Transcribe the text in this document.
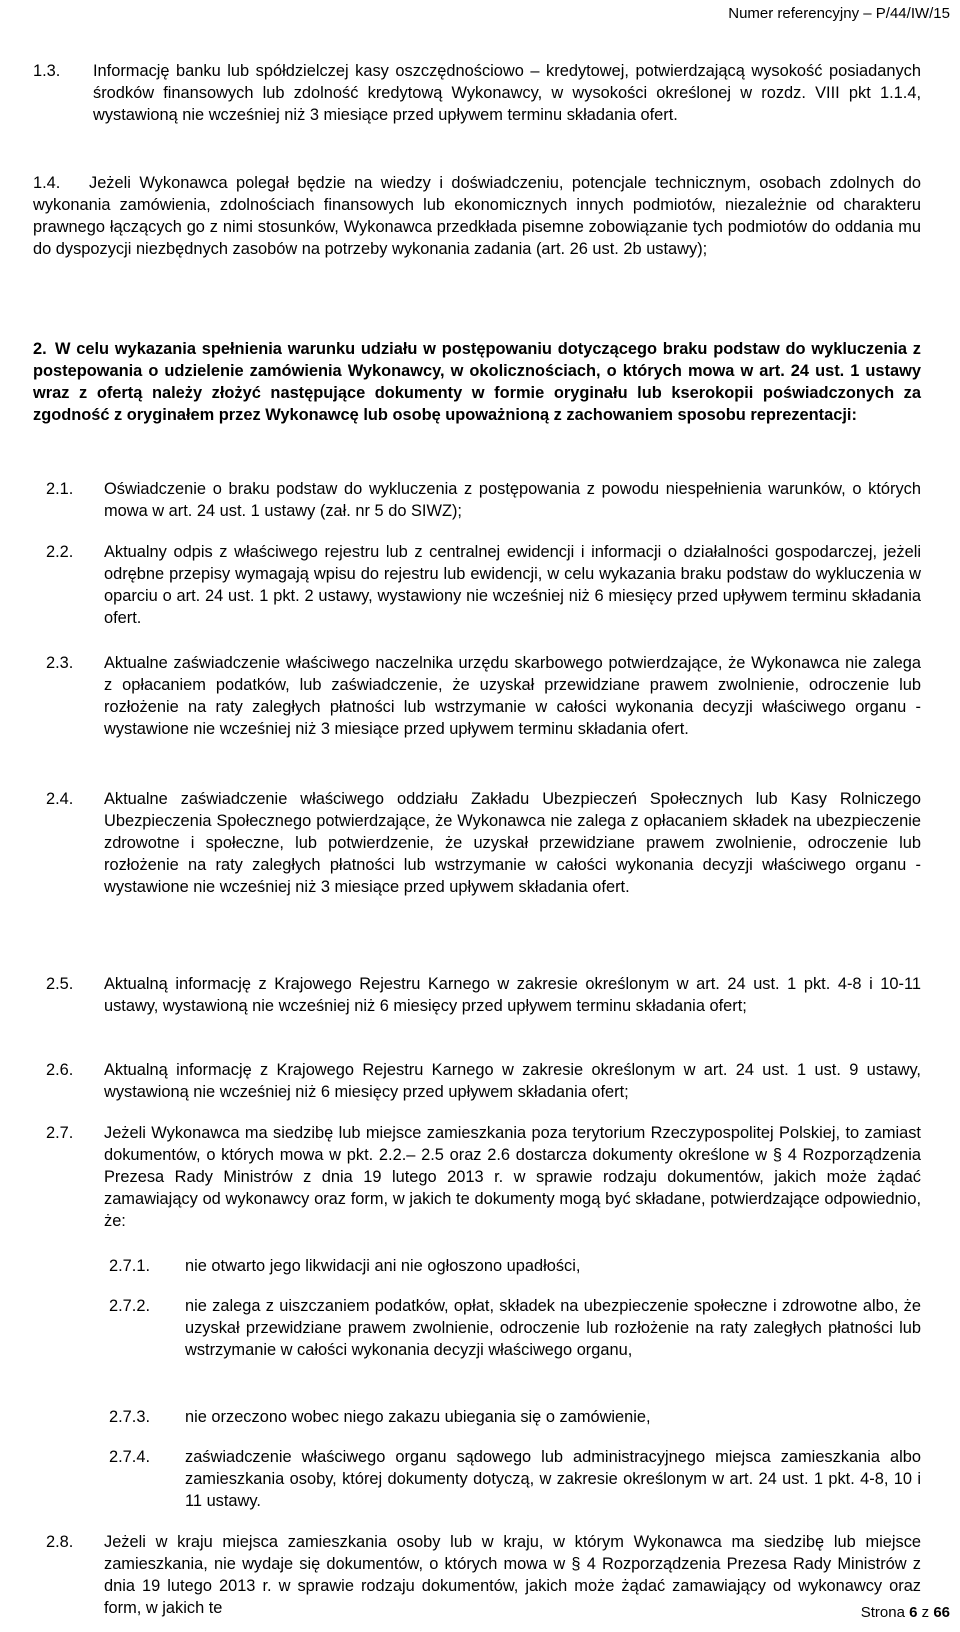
Numer referencyjny – P/44/IW/15
1.3. Informację banku lub spółdzielczej kasy oszczędnościowo – kredytowej, potwierdzającą wysokość posiadanych środków finansowych lub zdolność kredytową Wykonawcy, w wysokości określonej w rozdz. VIII pkt 1.1.4, wystawioną nie wcześniej niż 3 miesiące przed upływem terminu składania ofert.

1.4.	Jeżeli Wykonawca polegał będzie na wiedzy i doświadczeniu, potencjale technicznym, osobach zdolnych do wykonania zamówienia, zdolnościach finansowych lub ekonomicznych innych podmiotów, niezależnie od charakteru prawnego łączących go z nimi stosunków, Wykonawca przedkłada pisemne zobowiązanie tych podmiotów do oddania mu do dyspozycji niezbędnych zasobów na potrzeby wykonania zadania (art. 26 ust. 2b ustawy);

2. W celu wykazania spełnienia warunku udziału w postępowaniu dotyczącego braku podstaw do wykluczenia z postepowania o udzielenie zamówienia Wykonawcy, w okolicznościach, o których mowa w art. 24 ust. 1 ustawy wraz z ofertą należy złożyć następujące dokumenty w formie oryginału lub kserokopii poświadczonych za zgodność z oryginałem przez Wykonawcę lub osobę upoważnioną z zachowaniem sposobu reprezentacji:

2.1. Oświadczenie o braku podstaw do wykluczenia z postępowania z powodu niespełnienia warunków, o których mowa w art. 24 ust. 1 ustawy (zał. nr 5 do SIWZ);

2.2. Aktualny odpis z właściwego rejestru lub z centralnej ewidencji i informacji o działalności gospodarczej, jeżeli odrębne przepisy wymagają wpisu do rejestru lub ewidencji, w celu wykazania braku podstaw do wykluczenia w oparciu o art. 24 ust. 1 pkt. 2 ustawy, wystawiony nie wcześniej niż 6 miesięcy przed upływem terminu składania ofert.

2.3. Aktualne zaświadczenie właściwego naczelnika urzędu skarbowego potwierdzające, że Wykonawca nie zalega z opłacaniem podatków, lub zaświadczenie, że uzyskał przewidziane prawem zwolnienie, odroczenie lub rozłożenie na raty zaległych płatności lub wstrzymanie w całości wykonania decyzji właściwego organu - wystawione nie wcześniej niż 3 miesiące przed upływem terminu składania ofert.

2.4. Aktualne zaświadczenie właściwego oddziału Zakładu Ubezpieczeń Społecznych lub Kasy Rolniczego Ubezpieczenia Społecznego potwierdzające, że Wykonawca nie zalega z opłacaniem składek na ubezpieczenie zdrowotne i społeczne, lub potwierdzenie, że uzyskał przewidziane prawem zwolnienie, odroczenie lub rozłożenie na raty zaległych płatności lub wstrzymanie w całości wykonania decyzji właściwego organu - wystawione nie wcześniej niż 3 miesiące przed upływem składania ofert.

2.5. Aktualną informację z Krajowego Rejestru Karnego w zakresie określonym w art. 24 ust. 1 pkt. 4-8 i 10-11 ustawy, wystawioną nie wcześniej niż 6 miesięcy przed upływem terminu składania ofert;

2.6. Aktualną informację z Krajowego Rejestru Karnego w zakresie określonym w art. 24 ust. 1 ust. 9 ustawy, wystawioną nie wcześniej niż 6 miesięcy przed upływem składania ofert;

2.7. Jeżeli Wykonawca ma siedzibę lub miejsce zamieszkania poza terytorium Rzeczypospolitej Polskiej, to zamiast dokumentów, o których mowa w pkt. 2.2.– 2.5 oraz 2.6 dostarcza dokumenty określone w § 4 Rozporządzenia Prezesa Rady Ministrów z dnia 19 lutego 2013 r. w sprawie rodzaju dokumentów, jakich może żądać zamawiający od wykonawcy oraz form, w jakich te dokumenty mogą być składane, potwierdzające odpowiednio, że:

2.7.1. nie otwarto jego likwidacji ani nie ogłoszono upadłości,

2.7.2. nie zalega z uiszczaniem podatków, opłat, składek na ubezpieczenie społeczne i zdrowotne albo, że uzyskał przewidziane prawem zwolnienie, odroczenie lub rozłożenie na raty zaległych płatności lub wstrzymanie w całości wykonania decyzji właściwego organu,

2.7.3. nie orzeczono wobec niego zakazu ubiegania się o zamówienie,

2.7.4. zaświadczenie właściwego organu sądowego lub administracyjnego miejsca zamieszkania albo zamieszkania osoby, której dokumenty dotyczą, w zakresie określonym w art. 24 ust. 1 pkt. 4-8, 10 i 11 ustawy.

2.8. Jeżeli w kraju miejsca zamieszkania osoby lub w kraju, w którym Wykonawca ma siedzibę lub miejsce zamieszkania, nie wydaje się dokumentów, o których mowa w § 4 Rozporządzenia Prezesa Rady Ministrów z dnia 19 lutego 2013 r. w sprawie rodzaju dokumentów, jakich może żądać zamawiający od wykonawcy oraz form, w jakich te	Strona 6 z 66
